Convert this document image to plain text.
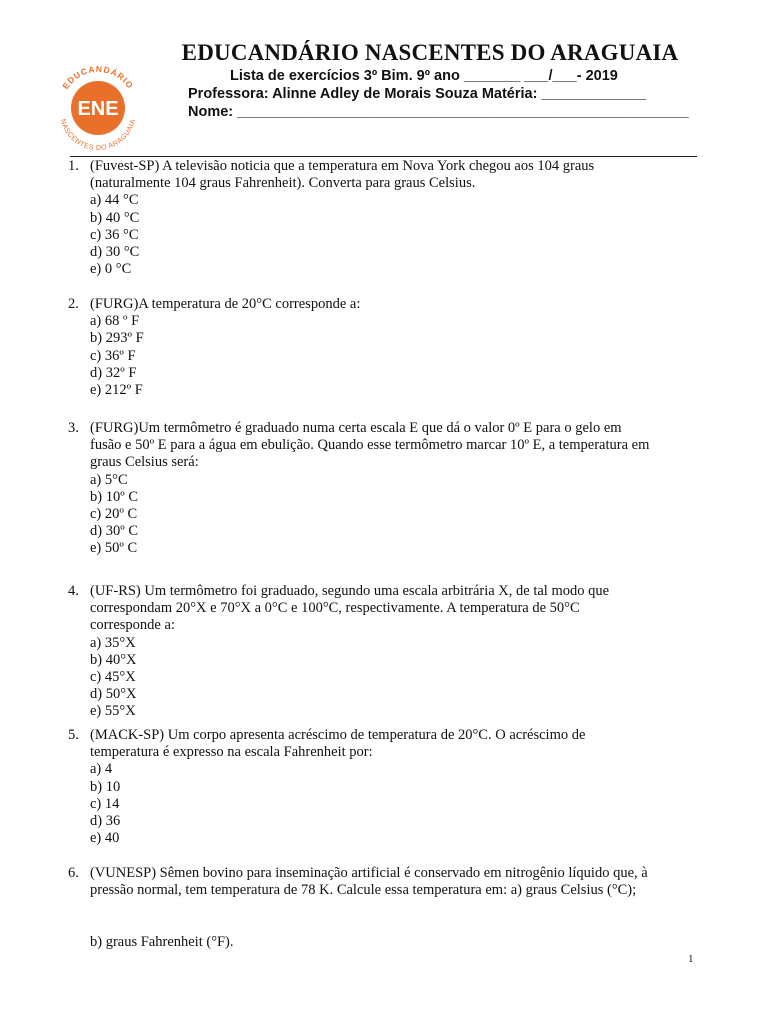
ENE
EDUCANDÁRIO
NASCENTES DO ARAGUAIA
EDUCANDÁRIO NASCENTES DO ARAGUAIA
Lista de exercícios 3º Bim. 9º ano _______ ___/___- 2019
Professora: Alinne Adley de Morais Souza Matéria: _____________
Nome: ________________________________________________________
1. (Fuvest-SP) A televisão noticia que a temperatura em Nova York chegou aos 104 graus
(naturalmente 104 graus Fahrenheit). Converta para graus Celsius.
a) 44 °C
b) 40 °C
c) 36 °C
d) 30 °C
e) 0 °C
2. (FURG)A temperatura de 20°C corresponde a:
a) 68 º F
b) 293º F
c) 36º F
d) 32º F
e) 212º F
3. (FURG)Um termômetro é graduado numa certa escala E que dá o valor 0º E para o gelo em
fusão e 50º E para a água em ebulição. Quando esse termômetro marcar 10º E, a temperatura em
graus Celsius será:
a) 5°C
b) 10º C
c) 20º C
d) 30º C
e) 50º C
4. (UF-RS) Um termômetro foi graduado, segundo uma escala arbitrária X, de tal modo que
correspondam 20°X e 70°X a 0°C e 100°C, respectivamente. A temperatura de 50°C
corresponde a:
a) 35°X
b) 40°X
c) 45°X
d) 50°X
e) 55°X
5. (MACK-SP) Um corpo apresenta acréscimo de temperatura de 20°C. O acréscimo de
temperatura é expresso na escala Fahrenheit por:
a) 4
b) 10
c) 14
d) 36
e) 40
6. (VUNESP) Sêmen bovino para inseminação artificial é conservado em nitrogênio líquido que, à
pressão normal, tem temperatura de 78 K. Calcule essa temperatura em: a) graus Celsius (°C);
b) graus Fahrenheit (°F).
1
